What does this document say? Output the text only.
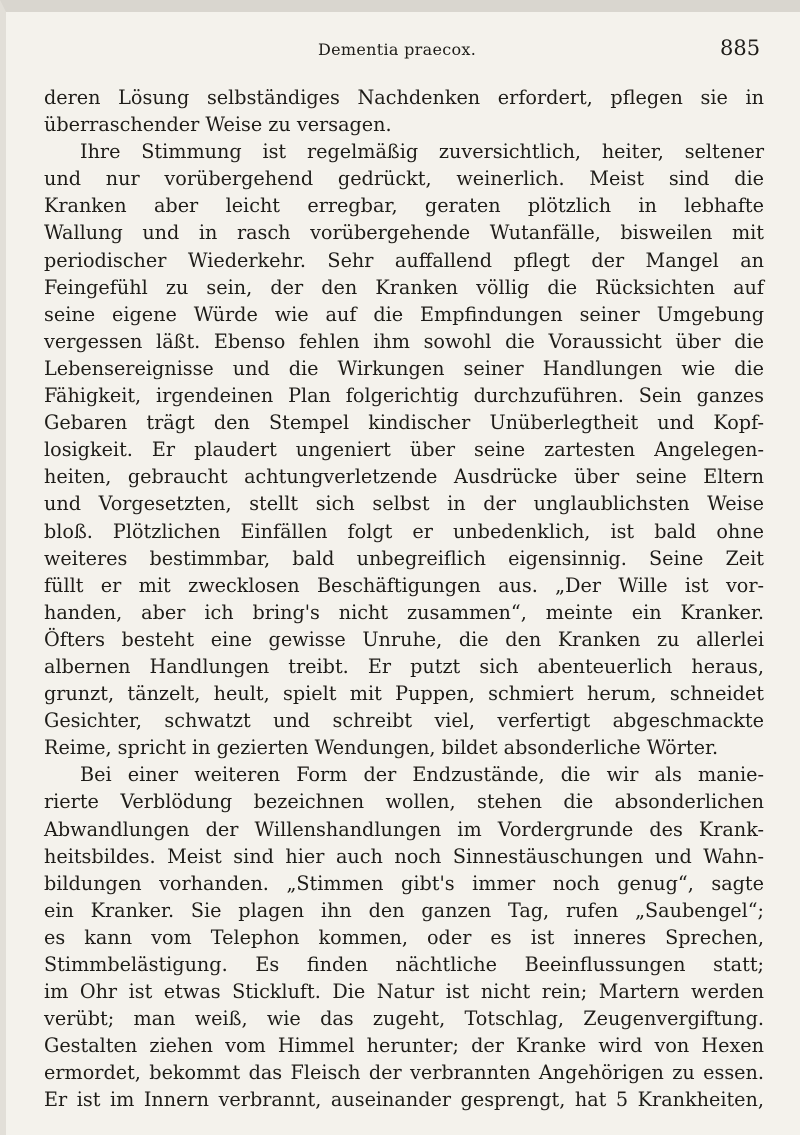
Dementia praecox.	885
deren Lösung selbständiges Nachdenken erfordert, pflegen sie in
überraschender Weise zu versagen.
Ihre Stimmung ist regelmäßig zuversichtlich, heiter, seltener
und nur vorübergehend gedrückt, weinerlich. Meist sind die
Kranken aber leicht erregbar, geraten plötzlich in lebhafte
Wallung und in rasch vorübergehende Wutanfälle, bisweilen mit
periodischer Wiederkehr. Sehr auffallend pflegt der Mangel an
Feingefühl zu sein, der den Kranken völlig die Rücksichten auf
seine eigene Würde wie auf die Empfindungen seiner Umgebung
vergessen läßt. Ebenso fehlen ihm sowohl die Voraussicht über die
Lebensereignisse und die Wirkungen seiner Handlungen wie die
Fähigkeit, irgendeinen Plan folgerichtig durchzuführen. Sein ganzes
Gebaren trägt den Stempel kindischer Unüberlegtheit und Kopf-
losigkeit. Er plaudert ungeniert über seine zartesten Angelegen-
heiten, gebraucht achtungverletzende Ausdrücke über seine Eltern
und Vorgesetzten, stellt sich selbst in der unglaublichsten Weise
bloß. Plötzlichen Einfällen folgt er unbedenklich, ist bald ohne
weiteres bestimmbar, bald unbegreiflich eigensinnig. Seine Zeit
füllt er mit zwecklosen Beschäftigungen aus. „Der Wille ist vor-
handen, aber ich bring's nicht zusammen“, meinte ein Kranker.
Öfters besteht eine gewisse Unruhe, die den Kranken zu allerlei
albernen Handlungen treibt. Er putzt sich abenteuerlich heraus,
grunzt, tänzelt, heult, spielt mit Puppen, schmiert herum, schneidet
Gesichter, schwatzt und schreibt viel, verfertigt abgeschmackte
Reime, spricht in gezierten Wendungen, bildet absonderliche Wörter.
Bei einer weiteren Form der Endzustände, die wir als manie-
rierte Verblödung bezeichnen wollen, stehen die absonderlichen
Abwandlungen der Willenshandlungen im Vordergrunde des Krank-
heitsbildes. Meist sind hier auch noch Sinnestäuschungen und Wahn-
bildungen vorhanden. „Stimmen gibt's immer noch genug“, sagte
ein Kranker. Sie plagen ihn den ganzen Tag, rufen „Saubengel“;
es kann vom Telephon kommen, oder es ist inneres Sprechen,
Stimmbelästigung. Es finden nächtliche Beeinflussungen statt;
im Ohr ist etwas Stickluft. Die Natur ist nicht rein; Martern werden
verübt; man weiß, wie das zugeht, Totschlag, Zeugenvergiftung.
Gestalten ziehen vom Himmel herunter; der Kranke wird von Hexen
ermordet, bekommt das Fleisch der verbrannten Angehörigen zu essen.
Er ist im Innern verbrannt, auseinander gesprengt, hat 5 Krankheiten,
